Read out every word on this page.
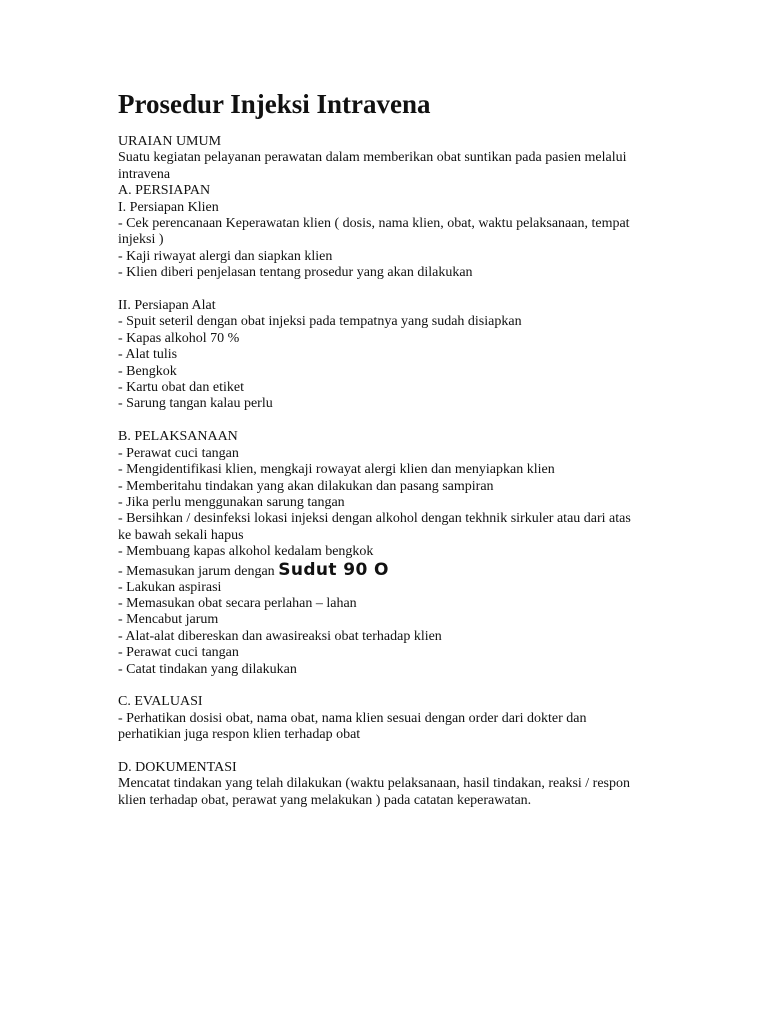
Prosedur Injeksi Intravena
URAIAN UMUM
Suatu kegiatan pelayanan perawatan dalam memberikan obat suntikan pada pasien melalui
intravena
A. PERSIAPAN
I. Persiapan Klien
- Cek perencanaan Keperawatan klien ( dosis, nama klien, obat, waktu pelaksanaan, tempat
injeksi )
- Kaji riwayat alergi dan siapkan klien
- Klien diberi penjelasan tentang prosedur yang akan dilakukan
II. Persiapan Alat
- Spuit seteril dengan obat injeksi pada tempatnya yang sudah disiapkan
- Kapas alkohol 70 %
- Alat tulis
- Bengkok
- Kartu obat dan etiket
- Sarung tangan kalau perlu
B. PELAKSANAAN
- Perawat cuci tangan
- Mengidentifikasi klien, mengkaji rowayat alergi klien dan menyiapkan klien
- Memberitahu tindakan yang akan dilakukan dan pasang sampiran
- Jika perlu menggunakan sarung tangan
- Bersihkan / desinfeksi lokasi injeksi dengan alkohol dengan tekhnik sirkuler atau dari atas
ke bawah sekali hapus
- Membuang kapas alkohol kedalam bengkok
- Memasukan jarum dengan Sudut 90 O
- Lakukan aspirasi
- Memasukan obat secara perlahan – lahan
- Mencabut jarum
- Alat-alat dibereskan dan awasireaksi obat terhadap klien
- Perawat cuci tangan
- Catat tindakan yang dilakukan
C. EVALUASI
- Perhatikan dosisi obat, nama obat, nama klien sesuai dengan order dari dokter dan
perhatikian juga respon klien terhadap obat
D. DOKUMENTASI
Mencatat tindakan yang telah dilakukan (waktu pelaksanaan, hasil tindakan, reaksi / respon
klien terhadap obat, perawat yang melakukan ) pada catatan keperawatan.
